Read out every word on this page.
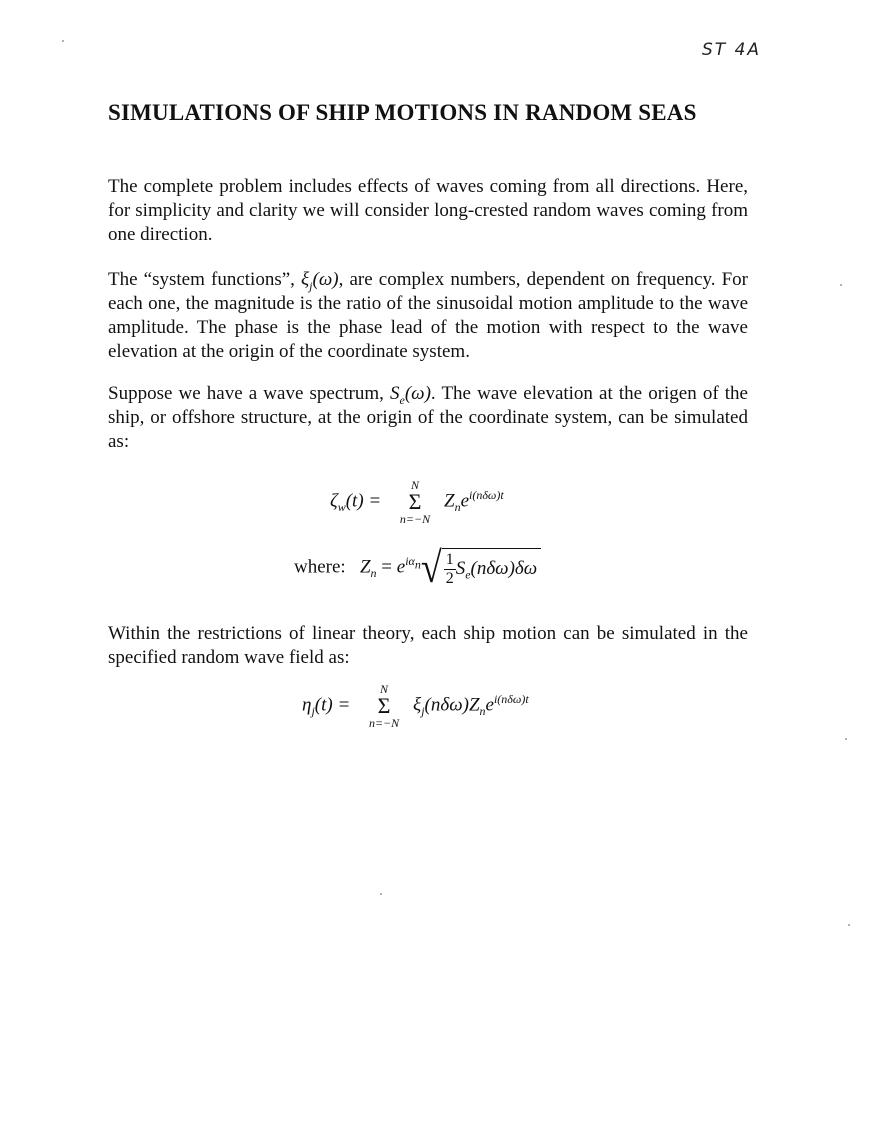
ST 4A
SIMULATIONS OF SHIP MOTIONS IN RANDOM SEAS

The complete problem includes effects of waves coming from all directions. Here, for simplicity and clarity we will consider long-crested random waves coming from one direction.

The “system functions”, $\xi_j(\omega)$, are complex numbers, dependent on frequency. For each one, the magnitude is the ratio of the sinusoidal motion amplitude to the wave amplitude. The phase is the phase lead of the motion with respect to the wave elevation at the origin of the coordinate system.

Suppose we have a wave spectrum, $S_e(\omega)$. The wave elevation at the origen of the ship, or offshore structure, at the origin of the coordinate system, can be simulated as:

$\zeta_w(t)$ =
N
Σ
n=−N
$Z_ne^{i(n\delta\omega)t}$
where: $Z_n = e^{i\alpha_n}√ \frac{1}{2} S_e(n\delta\omega)\delta\omega$

Within the restrictions of linear theory, each ship motion can be simulated in the specified random wave field as:

$\eta_j(t)$ =
N
Σ
n=−N
$\xi_j(n\delta\omega)Z_ne^{i(n\delta\omega)t}$
